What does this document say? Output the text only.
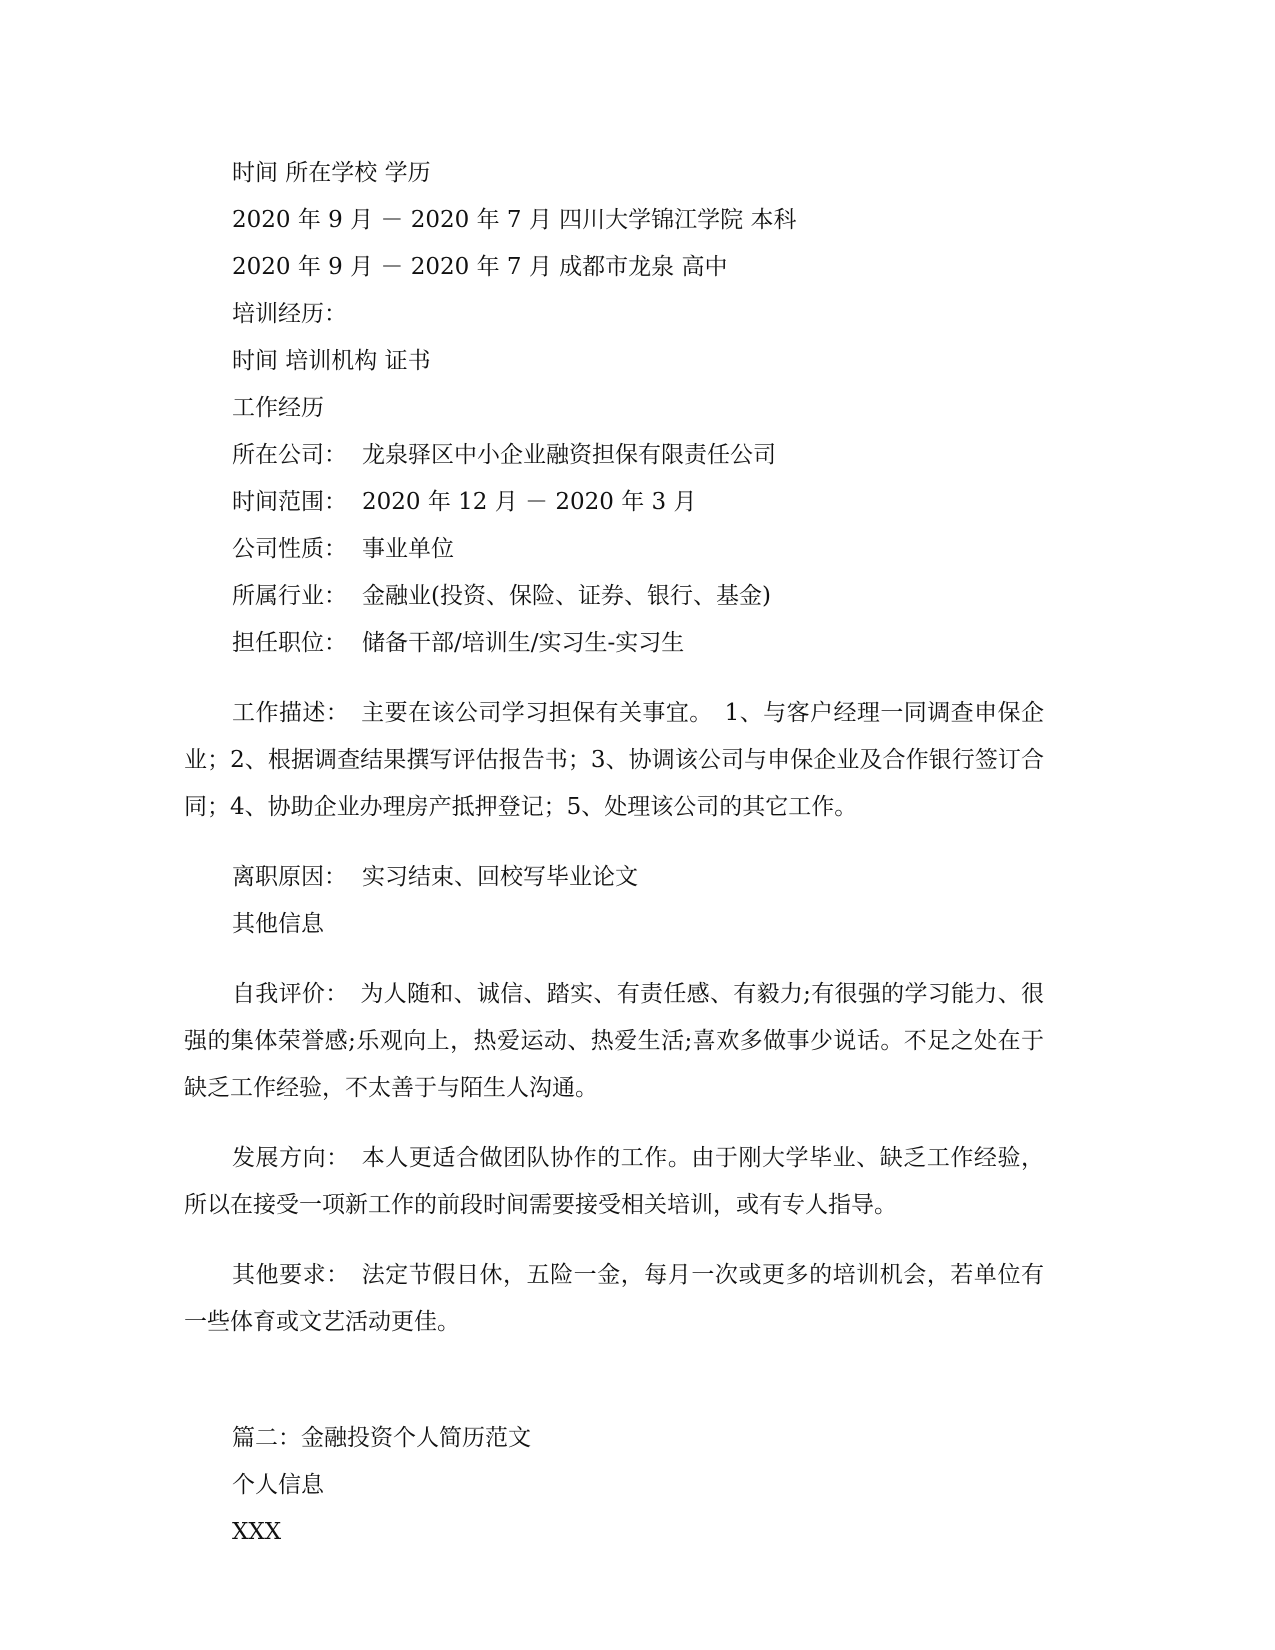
时间 所在学校 学历

2020 年 9 月 － 2020 年 7 月 四川大学锦江学院 本科

2020 年 9 月 － 2020 年 7 月 成都市龙泉 高中

培训经历：

时间 培训机构 证书

工作经历

所在公司： 龙泉驿区中小企业融资担保有限责任公司

时间范围： 2020 年 12 月 － 2020 年 3 月

公司性质： 事业单位

所属行业： 金融业(投资、保险、证券、银行、基金)

担任职位： 储备干部/培训生/实习生-实习生

工作描述：　主要在该公司学习担保有关事宜。　1、与客户经理一同调查申保企业；2、根据调查结果撰写评估报告书；3、协调该公司与申保企业及合作银行签订合同；4、协助企业办理房产抵押登记；5、处理该公司的其它工作。

离职原因： 实习结束、回校写毕业论文

其他信息

自我评价：　为人随和、诚信、踏实、有责任感、有毅力;有很强的学习能力、很强的集体荣誉感;乐观向上，热爱运动、热爱生活;喜欢多做事少说话。不足之处在于缺乏工作经验，不太善于与陌生人沟通。

发展方向：　本人更适合做团队协作的工作。由于刚大学毕业、缺乏工作经验，所以在接受一项新工作的前段时间需要接受相关培训，或有专人指导。

其他要求：　法定节假日休，五险一金，每月一次或更多的培训机会，若单位有一些体育或文艺活动更佳。

篇二：金融投资个人简历范文

个人信息

XXX
